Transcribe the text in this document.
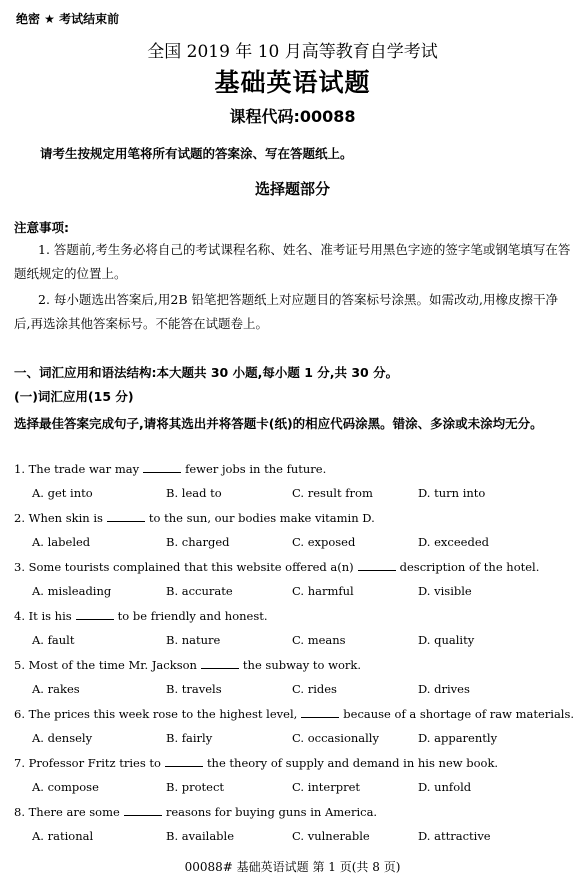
绝密 ★ 考试结束前
全国 2019 年 10 月高等教育自学考试
基础英语试题
课程代码:00088
请考生按规定用笔将所有试题的答案涂、写在答题纸上。
选择题部分
注意事项:
1. 答题前,考生务必将自己的考试课程名称、姓名、准考证号用黑色字迹的签字笔或钢笔填写在答题纸规定的位置上。
2. 每小题选出答案后,用2B 铅笔把答题纸上对应题目的答案标号涂黑。如需改动,用橡皮擦干净后,再选涂其他答案标号。不能答在试题卷上。
一、词汇应用和语法结构:本大题共 30 小题,每小题 1 分,共 30 分。
(一)词汇应用(15 分)
选择最佳答案完成句子,请将其选出并将答题卡(纸)的相应代码涂黑。错涂、多涂或未涂均无分。
1. The trade war may	fewer jobs in the future.
A. get into	B. lead to	C. result from	D. turn into
2. When skin is	to the sun, our bodies make vitamin D.
A. labeled	B. charged	C. exposed	D. exceeded
3. Some tourists complained that this website offered a(n)	description of the hotel.
A. misleading	B. accurate	C. harmful	D. visible
4. It is his	to be friendly and honest.
A. fault	B. nature	C. means	D. quality
5. Most of the time Mr. Jackson	the subway to work.
A. rakes	B. travels	C. rides	D. drives
6. The prices this week rose to the highest level,	because of a shortage of raw materials.
A. densely	B. fairly	C. occasionally	D. apparently
7. Professor Fritz tries to	the theory of supply and demand in his new book.
A. compose	B. protect	C. interpret	D. unfold
8. There are some	reasons for buying guns in America.
A. rational	B. available	C. vulnerable	D. attractive
00088# 基础英语试题 第 1 页(共 8 页)
